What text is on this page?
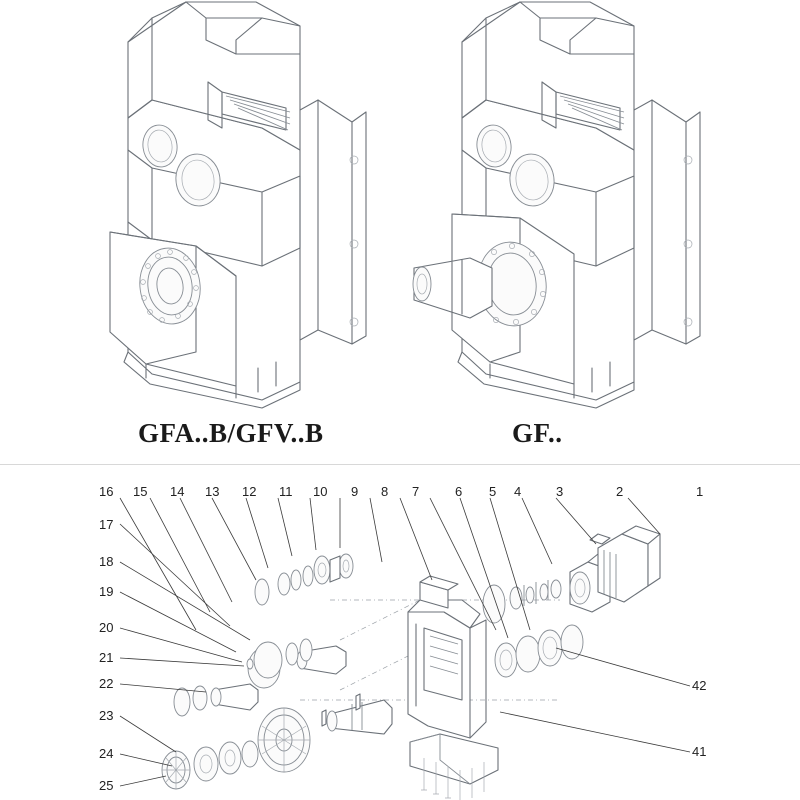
GFA..B/GFV..B	GF..
16 15 14 13 12 11 10 9 8 7	6 5 4	3	2	1
17
18
19
20
21
22
23
24
25
42
41
